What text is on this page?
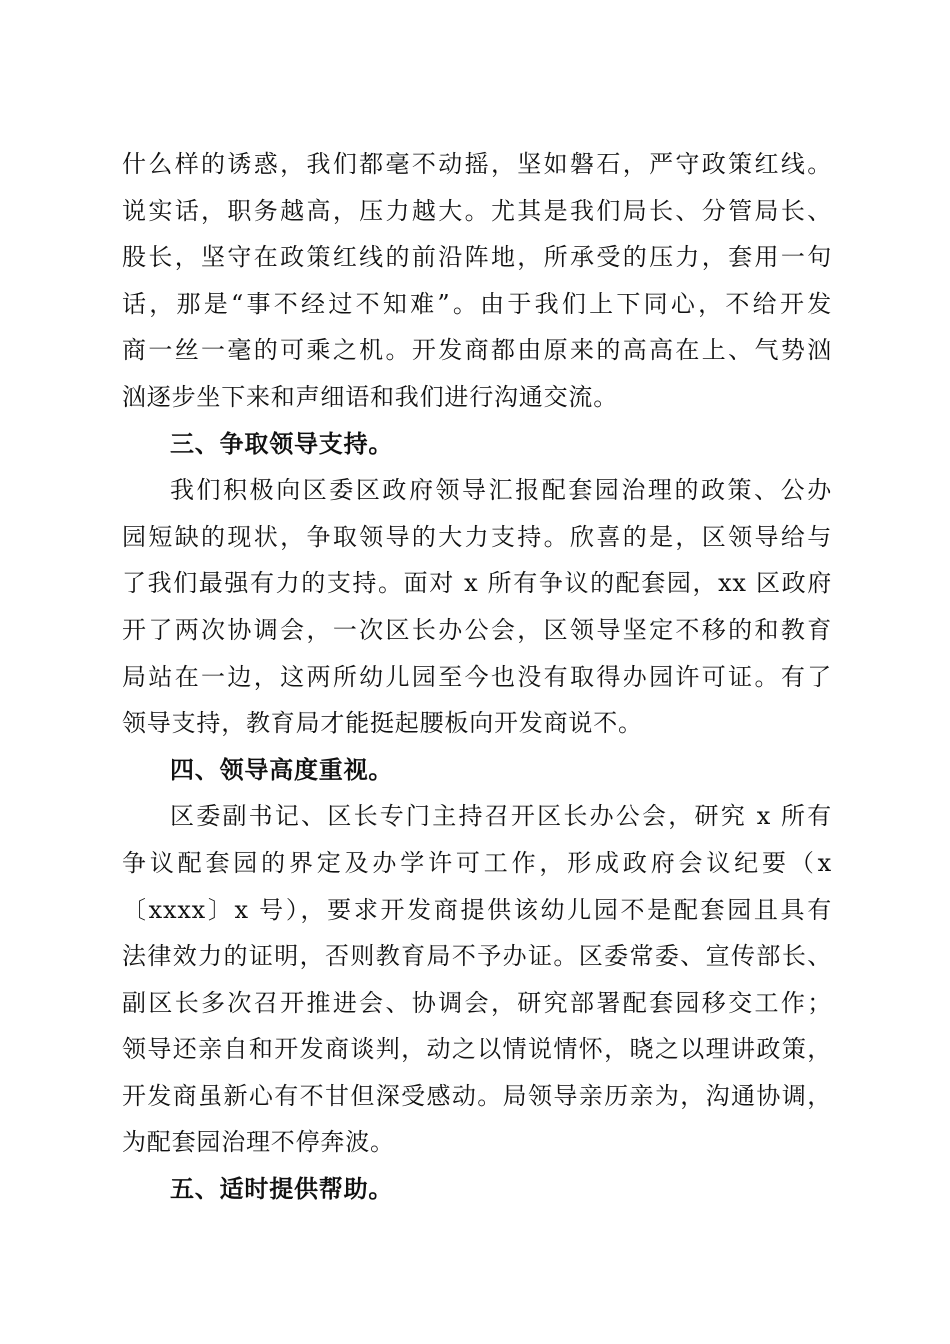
什么样的诱惑，我们都毫不动摇，坚如磐石，严守政策红线。
说实话，职务越高，压力越大。尤其是我们局长、分管局长、
股长，坚守在政策红线的前沿阵地，所承受的压力，套用一句
话，那是“事不经过不知难”。由于我们上下同心，不给开发
商一丝一毫的可乘之机。开发商都由原来的高高在上、气势汹
汹逐步坐下来和声细语和我们进行沟通交流。
三、争取领导支持。
我们积极向区委区政府领导汇报配套园治理的政策、公办
园短缺的现状，争取领导的大力支持。欣喜的是，区领导给与
了我们最强有力的支持。面对 x 所有争议的配套园，xx 区政府
开了两次协调会，一次区长办公会，区领导坚定不移的和教育
局站在一边，这两所幼儿园至今也没有取得办园许可证。有了
领导支持，教育局才能挺起腰板向开发商说不。
四、领导高度重视。
区委副书记、区长专门主持召开区长办公会，研究 x 所有
争议配套园的界定及办学许可工作，形成政府会议纪要（x
〔xxxx〕x 号），要求开发商提供该幼儿园不是配套园且具有
法律效力的证明，否则教育局不予办证。区委常委、宣传部长、
副区长多次召开推进会、协调会，研究部署配套园移交工作；
领导还亲自和开发商谈判，动之以情说情怀，晓之以理讲政策，
开发商虽新心有不甘但深受感动。局领导亲历亲为，沟通协调，
为配套园治理不停奔波。
五、适时提供帮助。
